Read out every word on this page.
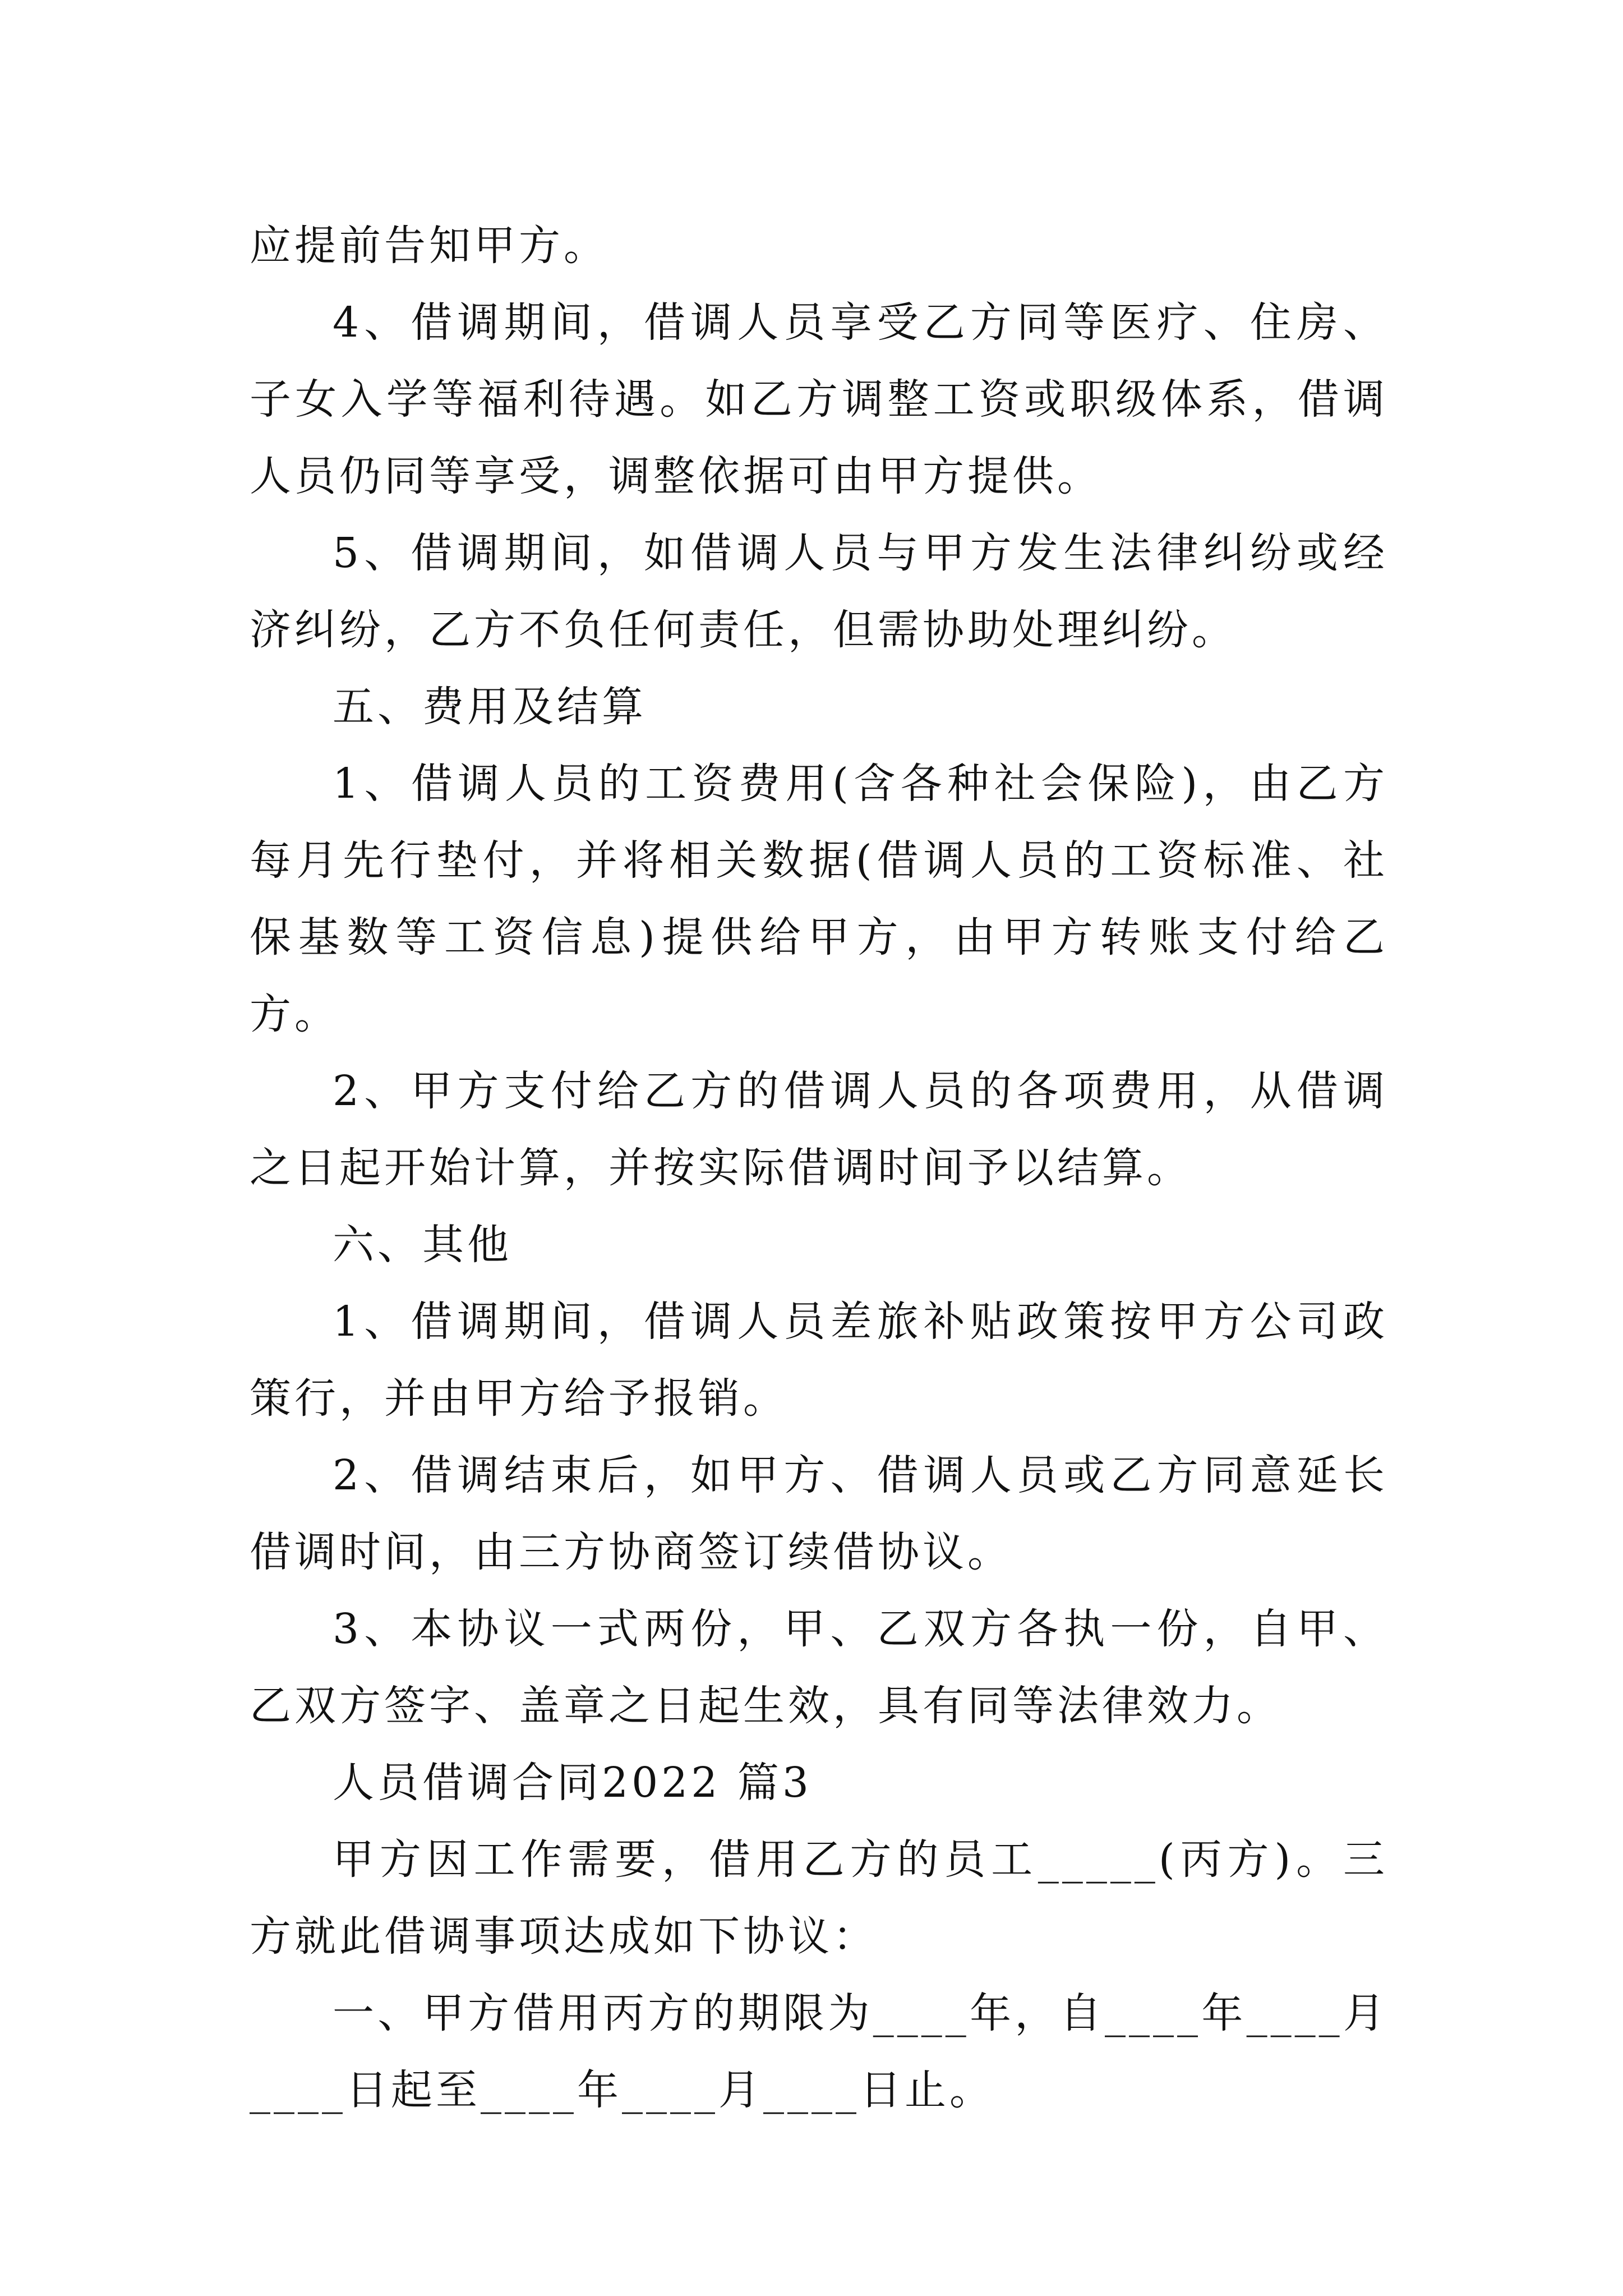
应提前告知甲方。

4、借调期间，借调人员享受乙方同等医疗、住房、子女入学等福利待遇。如乙方调整工资或职级体系，借调人员仍同等享受，调整依据可由甲方提供。

5、借调期间，如借调人员与甲方发生法律纠纷或经济纠纷，乙方不负任何责任，但需协助处理纠纷。

五、费用及结算

1、借调人员的工资费用(含各种社会保险)，由乙方每月先行垫付，并将相关数据(借调人员的工资标准、社保基数等工资信息)提供给甲方，由甲方转账支付给乙方。

2、甲方支付给乙方的借调人员的各项费用，从借调之日起开始计算，并按实际借调时间予以结算。

六、其他

1、借调期间，借调人员差旅补贴政策按甲方公司政策行，并由甲方给予报销。

2、借调结束后，如甲方、借调人员或乙方同意延长借调时间，由三方协商签订续借协议。

3、本协议一式两份，甲、乙双方各执一份，自甲、乙双方签字、盖章之日起生效，具有同等法律效力。

人员借调合同2022 篇3

甲方因工作需要，借用乙方的员工_____(丙方)。三方就此借调事项达成如下协议：

一、甲方借用丙方的期限为____年，自____年____月____日起至____年____月____日止。
